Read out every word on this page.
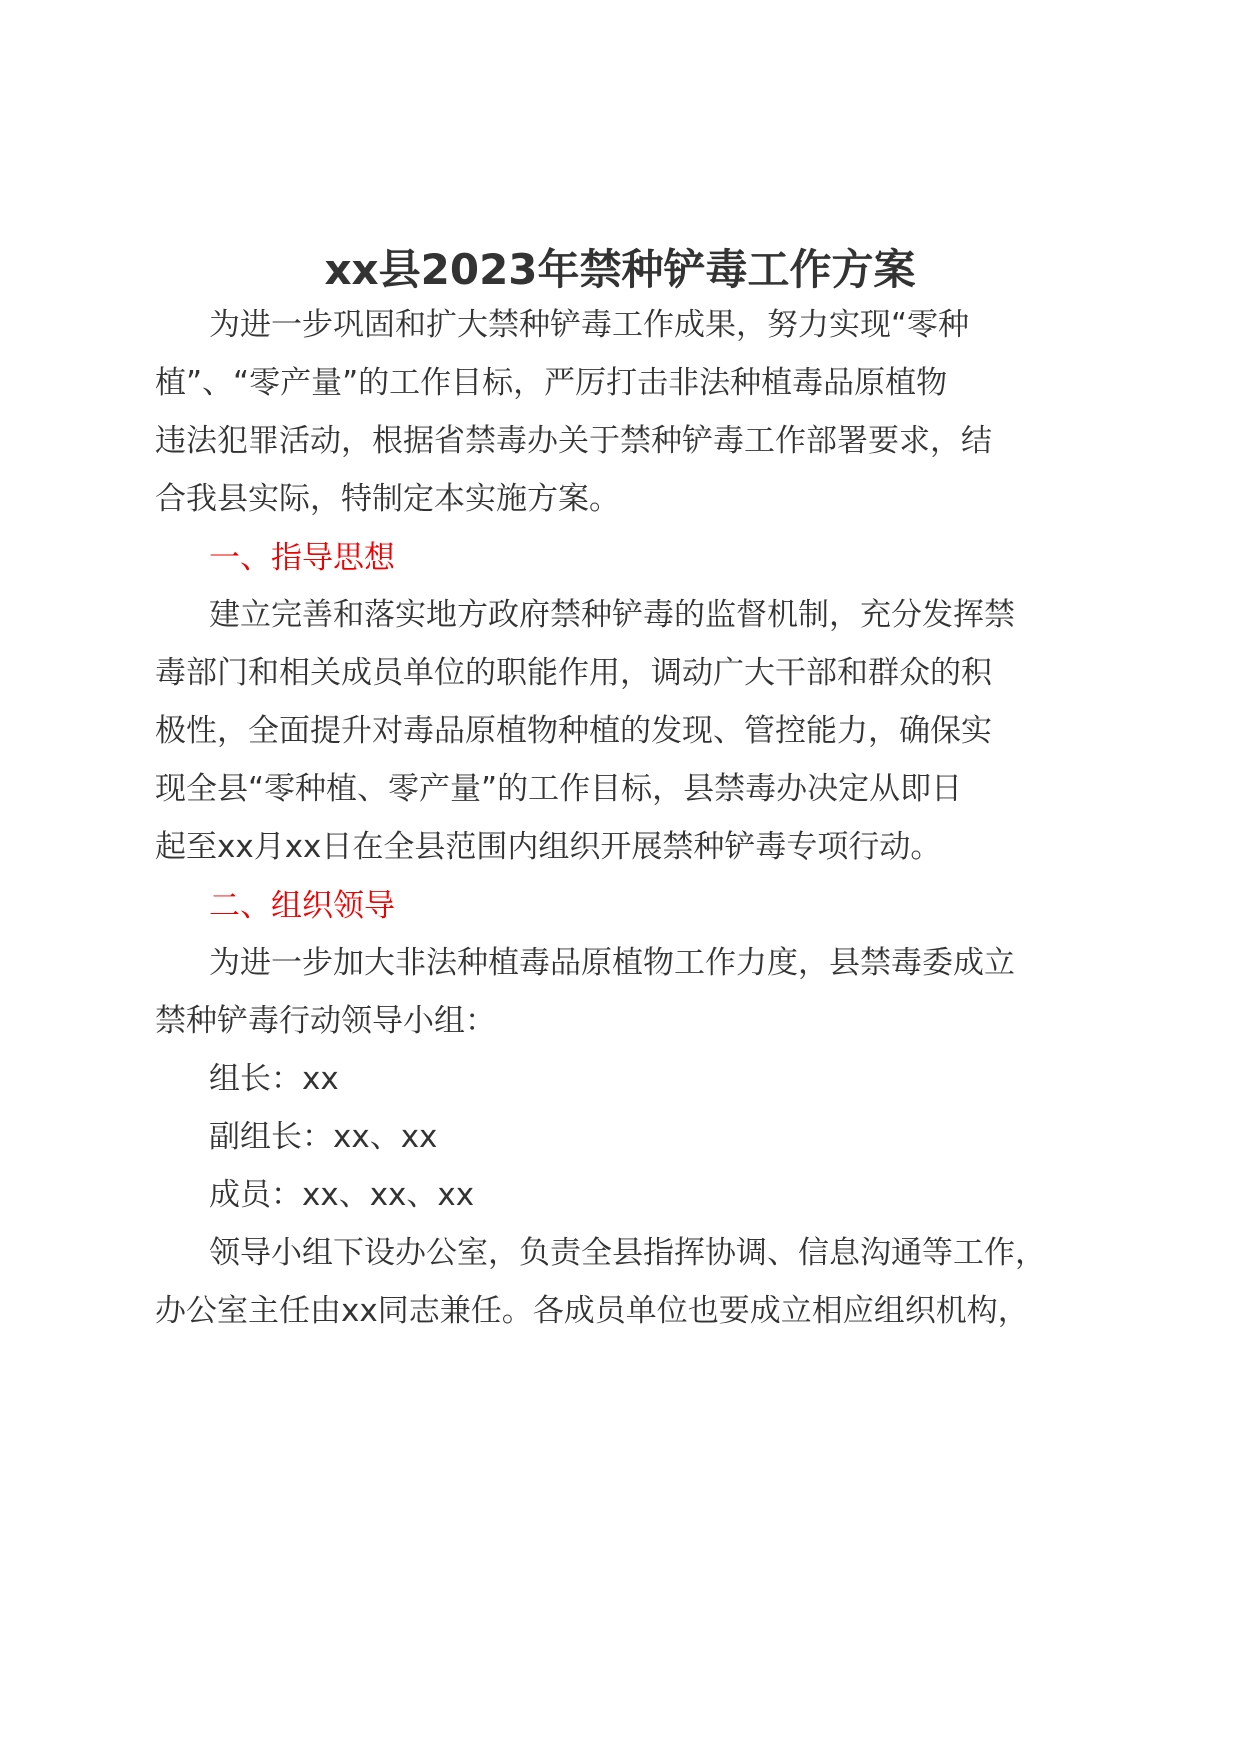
xx县2023年禁种铲毒工作方案

为进一步巩固和扩大禁种铲毒工作成果，努力实现“零种

植”、“零产量”的工作目标，严厉打击非法种植毒品原植物

违法犯罪活动，根据省禁毒办关于禁种铲毒工作部署要求，结

合我县实际，特制定本实施方案。

一、指导思想

建立完善和落实地方政府禁种铲毒的监督机制，充分发挥禁

毒部门和相关成员单位的职能作用，调动广大干部和群众的积

极性，全面提升对毒品原植物种植的发现、管控能力，确保实

现全县“零种植、零产量”的工作目标，县禁毒办决定从即日

起至xx月xx日在全县范围内组织开展禁种铲毒专项行动。

二、组织领导

为进一步加大非法种植毒品原植物工作力度，县禁毒委成立

禁种铲毒行动领导小组：

组长：xx

副组长：xx、xx

成员：xx、xx、xx

领导小组下设办公室，负责全县指挥协调、信息沟通等工作，

办公室主任由xx同志兼任。各成员单位也要成立相应组织机构，
